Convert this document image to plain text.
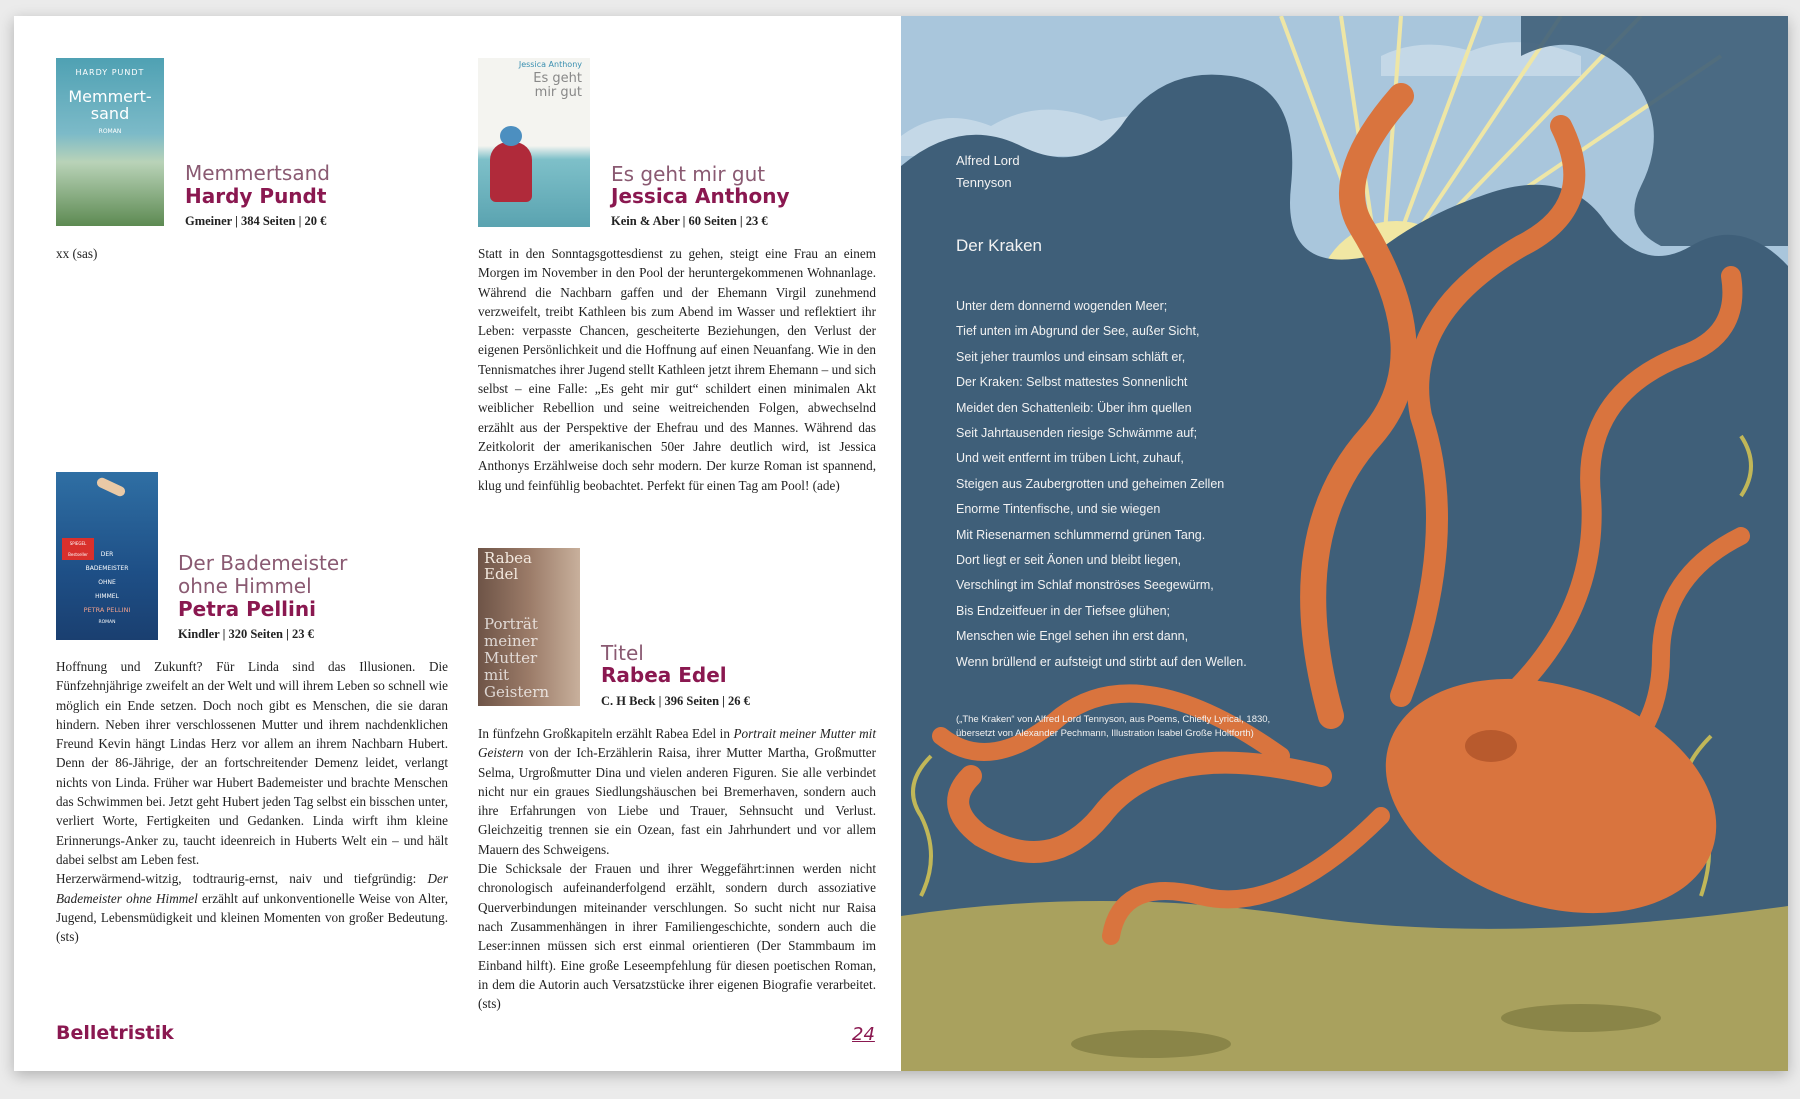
HARDY PUNDT
Memmert-
sand
ROMAN
Memmertsand
Hardy Pundt
Gmeiner | 384 Seiten | 20 €

xx (sas)

Jessica Anthony
Es geht
mir gut
Es geht mir gut
Jessica Anthony
Kein & Aber | 60 Seiten | 23 €

Statt in den Sonntagsgottesdienst zu gehen, steigt eine Frau an einem Morgen im November in den Pool der heruntergekommenen Wohnanlage. Während die Nachbarn gaffen und der Ehemann Virgil zunehmend verzweifelt, treibt Kathleen bis zum Abend im Wasser und reflektiert ihr Leben: verpasste Chancen, gescheiterte Beziehungen, den Verlust der eigenen Persönlichkeit und die Hoffnung auf einen Neuanfang. Wie in den Tennismatches ihrer Jugend stellt Kathleen jetzt ihrem Ehemann – und sich selbst – eine Falle: „Es geht mir gut“ schildert einen minimalen Akt weiblicher Rebellion und seine weitreichenden Folgen, abwechselnd erzählt aus der Perspektive der Ehefrau und des Mannes. Während das Zeitkolorit der amerikanischen 50er Jahre deutlich wird, ist Jessica Anthonys Erzählweise doch sehr modern. Der kurze Roman ist spannend, klug und feinfühlig beobachtet. Perfekt für einen Tag am Pool! (ade)

SPIEGEL Bestseller	DER
BADEMEISTER
OHNE
HIMMEL
PETRA PELLINI
ROMAN
Der Bademeister ohne Himmel
Petra Pellini
Kindler | 320 Seiten | 23 €

Hoffnung und Zukunft? Für Linda sind das Illusionen. Die Fünfzehnjährige zweifelt an der Welt und will ihrem Leben so schnell wie möglich ein Ende setzen. Doch noch gibt es Menschen, die sie daran hindern. Neben ihrer verschlossenen Mutter und ihrem nachdenklichen Freund Kevin hängt Lindas Herz vor allem an ihrem Nachbarn Hubert. Denn der 86-Jährige, der an fortschreitender Demenz leidet, verlangt nichts von Linda. Früher war Hubert Bademeister und brachte Menschen das Schwimmen bei. Jetzt geht Hubert jeden Tag selbst ein bisschen unter, verliert Worte, Fertigkeiten und Gedanken. Linda wirft ihm kleine Erinnerungs-Anker zu, taucht ideenreich in Huberts Welt ein – und hält dabei selbst am Leben fest.
Herzerwärmend-witzig, todtraurig-ernst, naiv und tiefgründig: Der Bademeister ohne Himmel erzählt auf unkonventionelle Weise von Alter, Jugend, Lebensmüdigkeit und kleinen Momenten von großer Bedeutung. (sts)

Rabea
Edel
Porträt
meiner
Mutter
mit
Geistern
Titel
Rabea Edel
C. H Beck | 396 Seiten | 26 €

In fünfzehn Großkapiteln erzählt Rabea Edel in Portrait meiner Mutter mit Geistern von der Ich-Erzählerin Raisa, ihrer Mutter Martha, Großmutter Selma, Urgroßmutter Dina und vielen anderen Figuren. Sie alle verbindet nicht nur ein graues Siedlungshäuschen bei Bremerhaven, sondern auch ihre Erfahrungen von Liebe und Trauer, Sehnsucht und Verlust. Gleichzeitig trennen sie ein Ozean, fast ein Jahrhundert und vor allem Mauern des Schweigens.
Die Schicksale der Frauen und ihrer Weggefährt:innen werden nicht chronologisch aufeinanderfolgend erzählt, sondern durch assoziative Querverbindungen miteinander verschlungen. So sucht nicht nur Raisa nach Zusammenhängen in ihrer Familiengeschichte, sondern auch die Leser:innen müssen sich erst einmal orientieren (Der Stammbaum im Einband hilft). Eine große Leseempfehlung für diesen poetischen Roman, in dem die Autorin auch Versatzstücke ihrer eigenen Biografie verarbeitet. (sts)

Belletristik	24
Alfred Lord
Tennyson
Der Kraken
Unter dem donnernd wogenden Meer;
Tief unten im Abgrund der See, außer Sicht,
Seit jeher traumlos und einsam schläft er,
Der Kraken: Selbst mattestes Sonnenlicht
Meidet den Schattenleib: Über ihm quellen
Seit Jahrtausenden riesige Schwämme auf;
Und weit entfernt im trüben Licht, zuhauf,
Steigen aus Zaubergrotten und geheimen Zellen
Enorme Tintenfische, und sie wiegen
Mit Riesenarmen schlummernd grünen Tang.
Dort liegt er seit Äonen und bleibt liegen,
Verschlingt im Schlaf monströses Seegewürm,
Bis Endzeitfeuer in der Tiefsee glühen;
Menschen wie Engel sehen ihn erst dann,
Wenn brüllend er aufsteigt und stirbt auf den Wellen.
(„The Kraken“ von Alfred Lord Tennyson, aus Poems, Chiefly Lyrical, 1830,
übersetzt von Alexander Pechmann, Illustration Isabel Große Holtforth)
